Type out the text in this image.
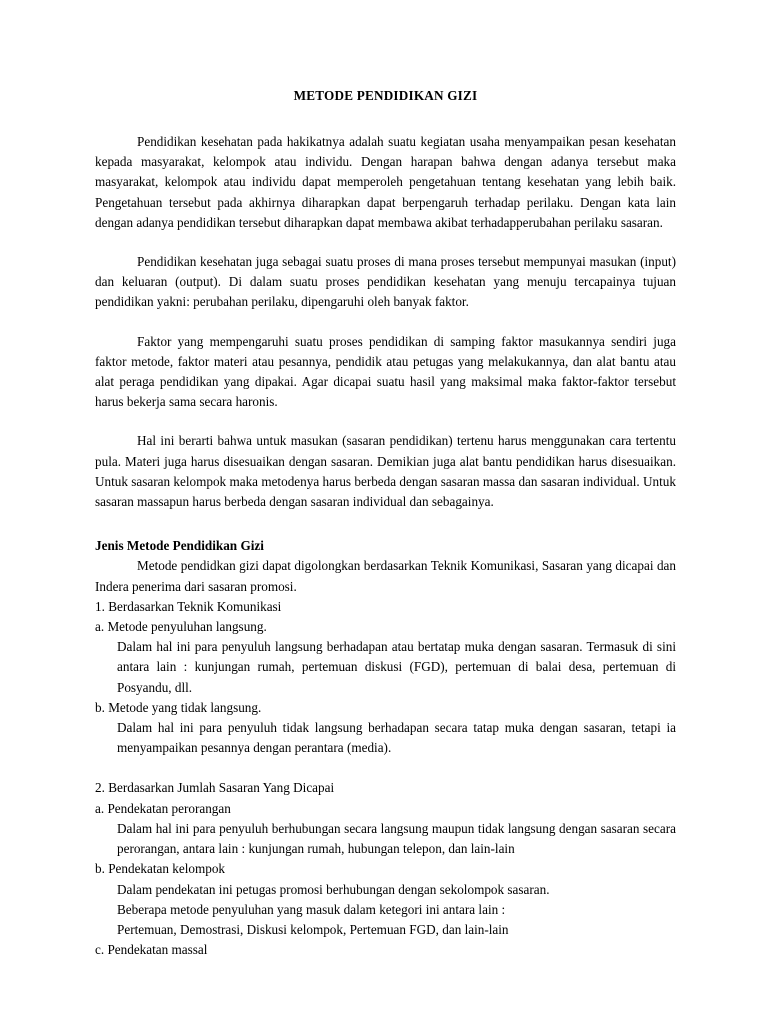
METODE PENDIDIKAN GIZI

Pendidikan kesehatan pada hakikatnya adalah suatu kegiatan usaha menyampaikan pesan kesehatan kepada masyarakat, kelompok atau individu. Dengan harapan bahwa dengan adanya tersebut maka masyarakat, kelompok atau individu dapat memperoleh pengetahuan tentang kesehatan yang lebih baik. Pengetahuan tersebut pada akhirnya diharapkan dapat berpengaruh terhadap perilaku. Dengan kata lain dengan adanya pendidikan tersebut diharapkan dapat membawa akibat terhadapperubahan perilaku sasaran.

Pendidikan kesehatan juga sebagai suatu proses di mana proses tersebut mempunyai masukan (input) dan keluaran (output). Di dalam suatu proses pendidikan kesehatan yang menuju tercapainya tujuan pendidikan yakni: perubahan perilaku, dipengaruhi oleh banyak faktor.

Faktor yang mempengaruhi suatu proses pendidikan di samping faktor masukannya sendiri juga faktor metode, faktor materi atau pesannya, pendidik atau petugas yang melakukannya, dan alat bantu atau alat peraga pendidikan yang dipakai. Agar dicapai suatu hasil yang maksimal maka faktor-faktor tersebut harus bekerja sama secara haronis.

Hal ini berarti bahwa untuk masukan (sasaran pendidikan) tertenu harus menggunakan cara tertentu pula. Materi juga harus disesuaikan dengan sasaran. Demikian juga alat bantu pendidikan harus disesuaikan. Untuk sasaran kelompok maka metodenya harus berbeda dengan sasaran massa dan sasaran individual. Untuk sasaran massapun harus berbeda dengan sasaran individual dan sebagainya.

Jenis Metode Pendidikan Gizi

Metode pendidkan gizi dapat digolongkan berdasarkan Teknik Komunikasi, Sasaran yang dicapai dan Indera penerima dari sasaran promosi.

1. Berdasarkan Teknik Komunikasi

a. Metode penyuluhan langsung.

Dalam hal ini para penyuluh langsung berhadapan atau bertatap muka dengan sasaran. Termasuk di sini antara lain : kunjungan rumah, pertemuan diskusi (FGD), pertemuan di balai desa, pertemuan di Posyandu, dll.

b. Metode yang tidak langsung.

Dalam hal ini para penyuluh tidak langsung berhadapan secara tatap muka dengan sasaran, tetapi ia menyampaikan pesannya dengan perantara (media).

2. Berdasarkan Jumlah Sasaran Yang Dicapai

a. Pendekatan perorangan

Dalam hal ini para penyuluh berhubungan secara langsung maupun tidak langsung dengan sasaran secara perorangan, antara lain : kunjungan rumah, hubungan telepon, dan lain-lain

b. Pendekatan kelompok

Dalam pendekatan ini petugas promosi berhubungan dengan sekolompok sasaran.

Beberapa metode penyuluhan yang masuk dalam ketegori ini antara lain :

Pertemuan, Demostrasi, Diskusi kelompok, Pertemuan FGD, dan lain-lain

c. Pendekatan massal
